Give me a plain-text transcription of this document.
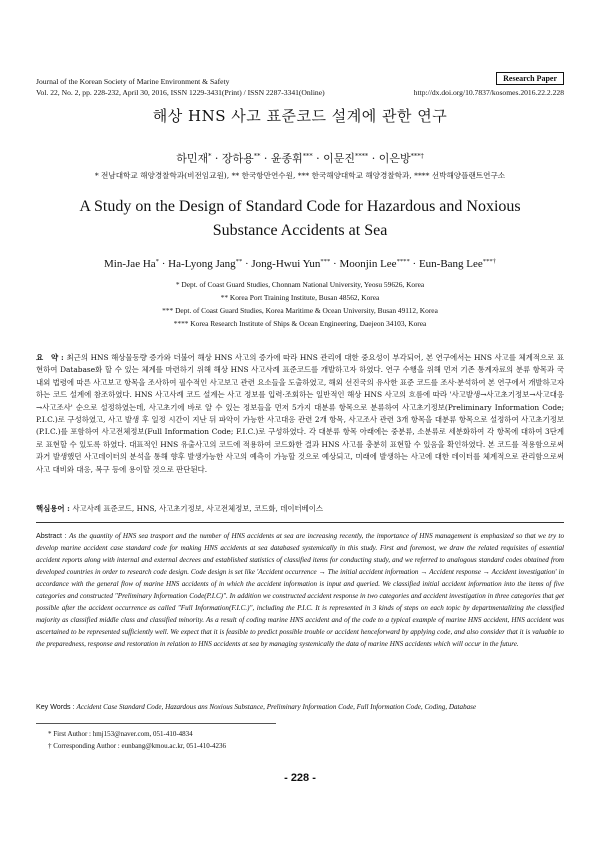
Journal of the Korean Society of Marine Environment & Safety
Vol. 22, No. 2, pp. 228-232, April 30, 2016, ISSN 1229-3431(Print) / ISSN 2287-3341(Online)
Research Paper
http://dx.doi.org/10.7837/kosomes.2016.22.2.228
해상 HNS 사고 표준코드 설계에 관한 연구
하민재* · 장하용** · 윤종휘*** · 이문진**** · 이은방***†
* 전남대학교 해양경찰학과(비전임교원), ** 한국항만연수원, *** 한국해양대학교 해양경찰학과, **** 선박해양플랜트연구소
A Study on the Design of Standard Code for Hazardous and Noxious
Substance Accidents at Sea
Min-Jae Ha* · Ha-Lyong Jang** · Jong-Hwui Yun*** · Moonjin Lee**** · Eun-Bang Lee***†
* Dept. of Coast Guard Studies, Chonnam National University, Yeosu 59626, Korea
** Korea Port Training Institute, Busan 48562, Korea
*** Dept. of Coast Guard Studies, Korea Maritime & Ocean University, Busan 49112, Korea
**** Korea Research Institute of Ships & Ocean Engineering, Daejeon 34103, Korea
요　약 : 최근의 HNS 해상물동량 증가와 더불어 해상 HNS 사고의 증가에 따라 HNS 관리에 대한 중요성이 부각되어, 본 연구에서는 HNS 사고를 체계적으로 표현하여 Database화 할 수 있는 체계를 마련하기 위해 해상 HNS 사고사례 표준코드를 개발하고자 하였다. 연구 수행을 위해 먼저 기존 통계자료의 분류 항목과 국내외 법령에 따른 사고보고 항목을 조사하여 필수적인 사고보고 관련 요소들을 도출하였고, 해외 선진국의 유사한 표준 코드를 조사·분석하여 본 연구에서 개발하고자 하는 코드 설계에 참조하였다. HNS 사고사례 코드 설계는 사고 정보를 입력·조회하는 일반적인 해상 HNS 사고의 흐름에 따라 '사고발생→사고초기정보→사고대응→사고조사' 순으로 설정하였는데, 사고초기에 바로 알 수 있는 정보들을 먼저 5가지 대분류 항목으로 분류하여 사고초기정보(Preliminary Information Code; P.I.C.)로 구성하였고, 사고 발생 후 일정 시간이 지난 뒤 파악이 가능한 사고대응 관련 2개 항목, 사고조사 관련 3개 항목을 대분류 항목으로 설정하여 사고초기정보(P.I.C.)를 포함하여 사고전체정보(Full Information Code; F.I.C.)로 구성하였다. 각 대분류 항목 아래에는 중분류, 소분류로 세분화하여 각 항목에 대하여 3단계로 표현할 수 있도록 하였다. 대표적인 HNS 유출사고의 코드에 적용하여 코드화한 결과 HNS 사고를 충분히 표현할 수 있음을 확인하였다. 본 코드를 적용함으로써 과거 발생했던 사고데이터의 분석을 통해 향후 발생가능한 사고의 예측이 가능할 것으로 예상되고, 미래에 발생하는 사고에 대한 데이터를 체계적으로 관리함으로써 사고 대비와 대응, 복구 등에 용이할 것으로 판단된다.
핵심용어 : 사고사례 표준코드, HNS, 사고초기정보, 사고전체정보, 코드화, 데이터베이스
Abstract : As the quantity of HNS sea trasport and the number of HNS accidents at sea are increasing recently, the importance of HNS management is emphasized so that we try to develop marine accident case standard code for making HNS accidents at sea databased systemically in this study. First and foremost, we draw the related requisites of essential accident reports along with internal and external decrees and established statistics of classified items for conducting study, and we referred to analogous standard codes obtained from developed countries in order to research code design. Code design is set like 'Accident occurrence → The initial accident information → Accident response → Accident investigation' in accordance with the general flow of marine HNS accidents of in which the accident information is input and queried. We classified initial accident information into the items of five categories and constructed "Preliminary Information Code(P.I.C)". In addition we constructed accident response in two categories and accident investigation in three categories that get possible after the accident occurrence as called "Full Information(F.I.C.)", including the P.I.C. It is represented in 3 kinds of steps on each topic by departmentalizing the classified majority as classified middle class and classified minority. As a result of coding marine HNS accident and of the code to a typical example of marine HNS accident, HNS accident was ascertained to be represented sufficiently well. We expect that it is feasible to predict possible trouble or accident henceforward by applying code, and also consider that it is valuable to the preparedness, response and restoration in relation to HNS accidents at sea by managing systemically the data of marine HNS accidents which will occur in the future.
Key Words : Accident Case Standard Code, Hazardous ans Noxious Substance, Preliminary Information Code, Full Information Code, Coding, Database
* First Author : hmj153@naver.com, 051-410-4834
† Corresponding Author : eunbang@kmou.ac.kr, 051-410-4236
- 228 -
